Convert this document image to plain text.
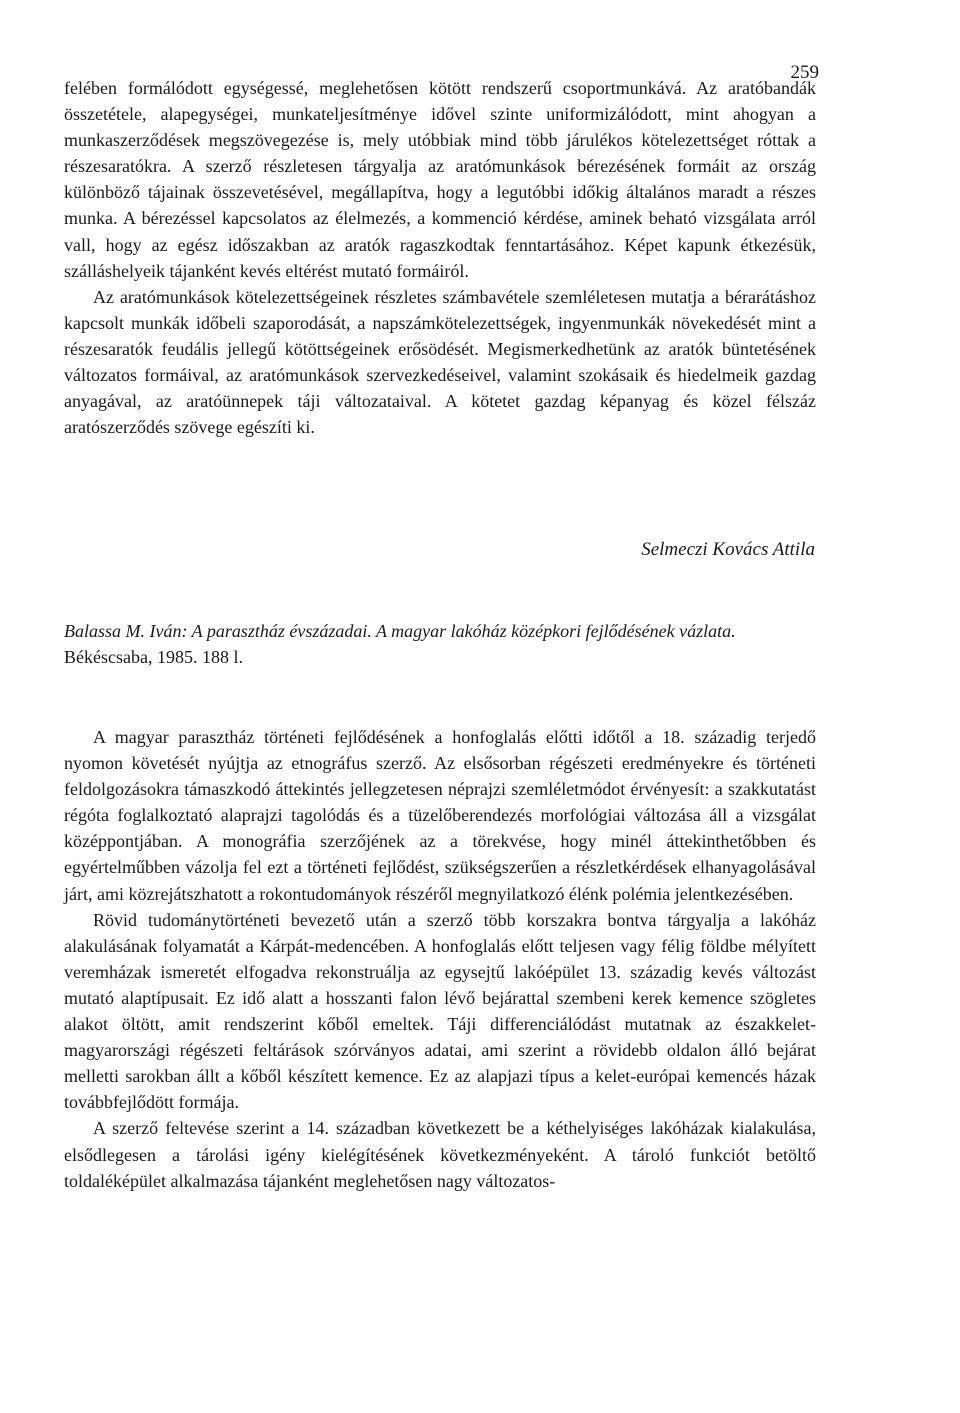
259

felében formálódott egységessé, meglehetősen kötött rendszerű csoportmunkává. Az aratóbandák összetétele, alapegységei, munkateljesítménye idővel szinte uniformizálódott, mint ahogyan a munkaszerződések megszövegezése is, mely utóbbiak mind több járulékos kötelezettséget róttak a részesaratókra. A szerző részletesen tárgyalja az aratómunkások bérezésének formáit az ország különböző tájainak összevetésével, megállapítva, hogy a legutóbbi időkig általános maradt a részes munka. A bérezéssel kapcsolatos az élelmezés, a kommenció kérdése, aminek beható vizsgálata arról vall, hogy az egész időszakban az aratók ragaszkodtak fenntartásához. Képet kapunk étkezésük, szálláshelyeik tájanként kevés eltérést mutató formáiról.

Az aratómunkások kötelezettségeinek részletes számbavétele szemléletesen mutatja a bérarátáshoz kapcsolt munkák időbeli szaporodását, a napszámkötelezettségek, ingyenmunkák növekedését mint a részesaratók feudális jellegű kötöttségeinek erősödését. Megismerkedhetünk az aratók büntetésének változatos formáival, az aratómunkások szervezkedéseivel, valamint szokásaik és hiedelmeik gazdag anyagával, az aratóünnepek táji változataival. A kötetet gazdag képanyag és közel félszáz aratószerződés szövege egészíti ki.

Selmeczi Kovács Attila

Balassa M. Iván: A parasztház évszázadai. A magyar lakóház középkori fejlődésének vázlata.
Békéscsaba, 1985. 188 l.

A magyar parasztház történeti fejlődésének a honfoglalás előtti időtől a 18. századig terjedő nyomon követését nyújtja az etnográfus szerző. Az elsősorban régészeti eredményekre és történeti feldolgozásokra támaszkodó áttekintés jellegzetesen néprajzi szemléletmódot érvényesít: a szakkutatást régóta foglalkoztató alaprajzi tagolódás és a tüzelőberendezés morfológiai változása áll a vizsgálat középpontjában. A monográfia szerzőjének az a törekvése, hogy minél áttekinthetőbben és egyértelműbben vázolja fel ezt a történeti fejlődést, szükségszerűen a részletkérdések elhanyagolásával járt, ami közrejátszhatott a rokontudományok részéről megnyilatkozó élénk polémia jelentkezésében.

Rövid tudománytörténeti bevezető után a szerző több korszakra bontva tárgyalja a lakóház alakulásának folyamatát a Kárpát-medencében. A honfoglalás előtt teljesen vagy félig földbe mélyített veremházak ismeretét elfogadva rekonstruálja az egysejtű lakóépület 13. századig kevés változást mutató alaptípusait. Ez idő alatt a hosszanti falon lévő bejárattal szembeni kerek kemence szögletes alakot öltött, amit rendszerint kőből emeltek. Táji differenciálódást mutatnak az északkelet-magyarországi régészeti feltárások szórványos adatai, ami szerint a rövidebb oldalon álló bejárat melletti sarokban állt a kőből készített kemence. Ez az alapjazi típus a kelet-európai kemencés házak továbbfejlődött formája.

A szerző feltevése szerint a 14. században következett be a kéthelyiséges lakóházak kialakulása, elsődlegesen a tárolási igény kielégítésének következményeként. A tároló funkciót betöltő toldaléképület alkalmazása tájanként meglehetősen nagy változatos-
